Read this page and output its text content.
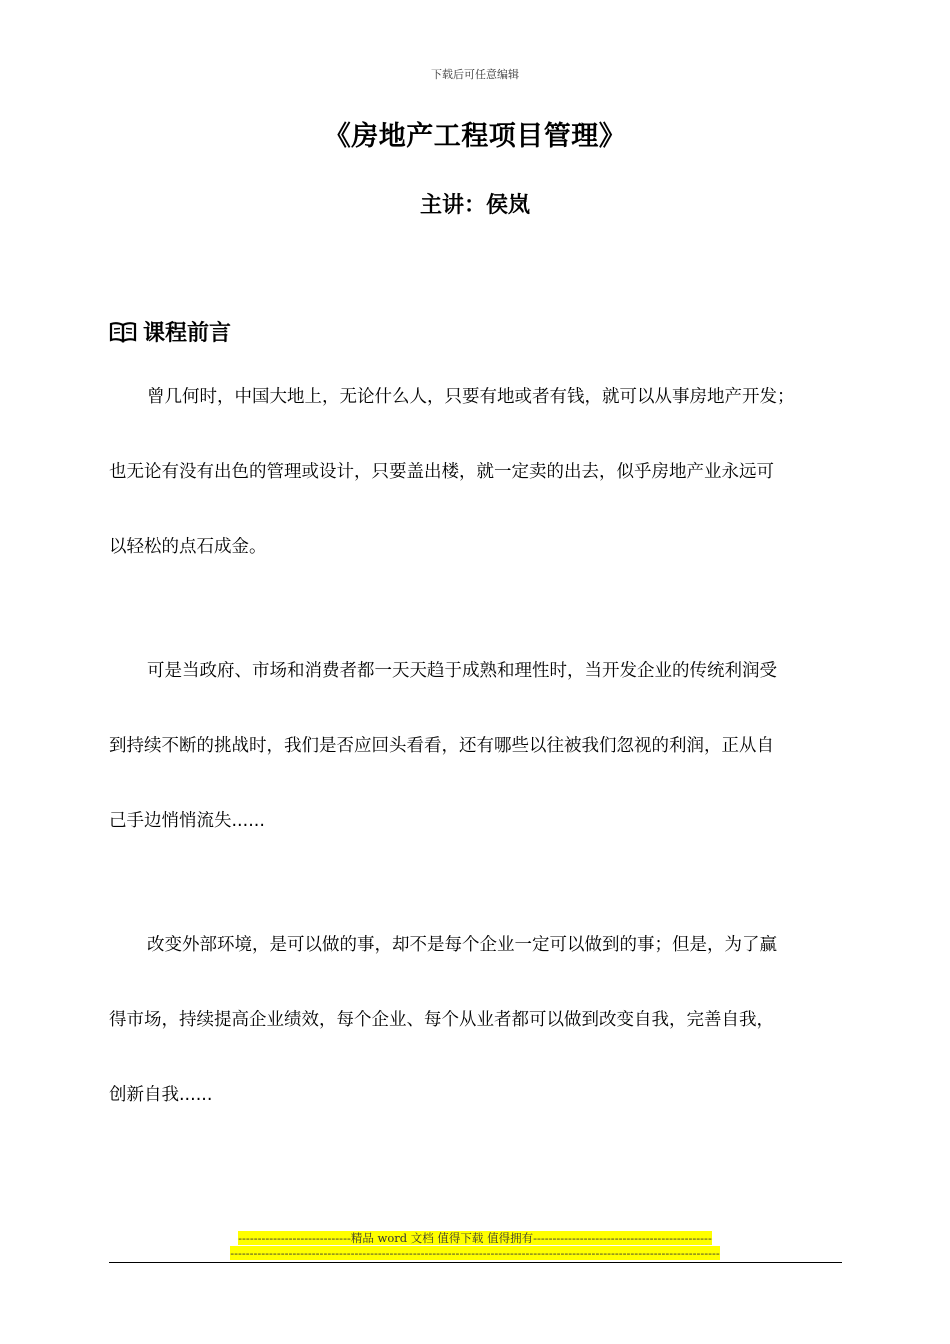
下载后可任意编辑
《房地产工程项目管理》
主讲：侯岚
课程前言
曾几何时，中国大地上，无论什么人，只要有地或者有钱，就可以从事房地产开发；
也无论有没有出色的管理或设计，只要盖出楼，就一定卖的出去，似乎房地产业永远可
以轻松的点石成金。
可是当政府、市场和消费者都一天天趋于成熟和理性时，当开发企业的传统利润受
到持续不断的挑战时，我们是否应回头看看，还有哪些以往被我们忽视的利润，正从自
己手边悄悄流失......
改变外部环境，是可以做的事，却不是每个企业一定可以做到的事；但是，为了赢
得市场，持续提高企业绩效，每个企业、每个从业者都可以做到改变自我，完善自我，
创新自我......
-----------------------------精品 word 文档 值得下载 值得拥有----------------------------------------------
------------------------------------------------------------------------------------------------------------------------------
